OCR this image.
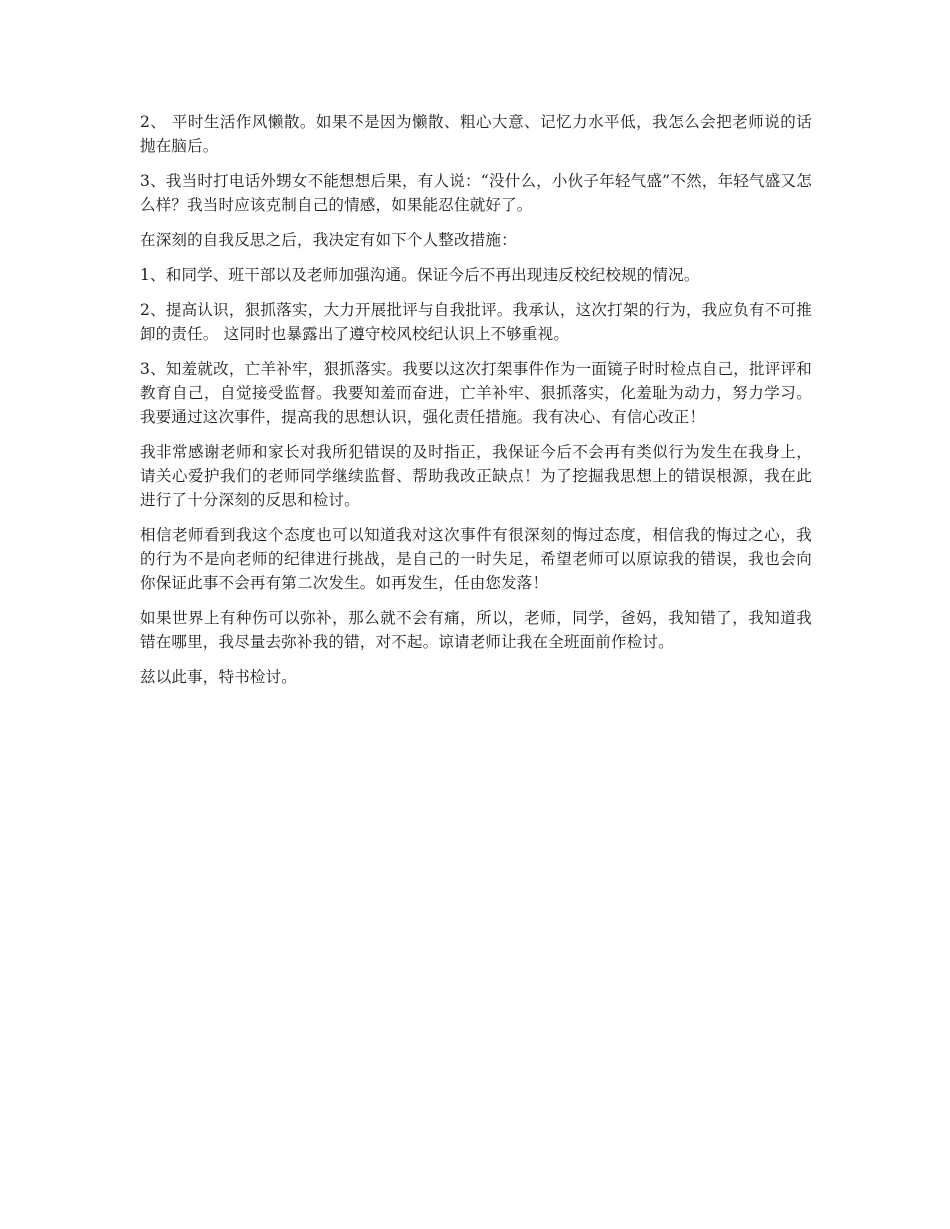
2、 平时生活作风懒散。如果不是因为懒散、粗心大意、记忆力水平低，我怎么会把老师说的话抛在脑后。

3、我当时打电话外甥女不能想想后果，有人说：“没什么，小伙子年轻气盛”不然，年轻气盛又怎么样？我当时应该克制自己的情感，如果能忍住就好了。

在深刻的自我反思之后，我决定有如下个人整改措施：

1、和同学、班干部以及老师加强沟通。保证今后不再出现违反校纪校规的情况。

2、提高认识，狠抓落实，大力开展批评与自我批评。我承认，这次打架的行为，我应负有不可推卸的责任。 这同时也暴露出了遵守校风校纪认识上不够重视。

3、知羞就改，亡羊补牢，狠抓落实。我要以这次打架事件作为一面镜子时时检点自己，批评评和教育自己，自觉接受监督。我要知羞而奋进，亡羊补牢、狠抓落实，化羞耻为动力，努力学习。我要通过这次事件，提高我的思想认识，强化责任措施。我有决心、有信心改正！

我非常感谢老师和家长对我所犯错误的及时指正，我保证今后不会再有类似行为发生在我身上，请关心爱护我们的老师同学继续监督、帮助我改正缺点！为了挖掘我思想上的错误根源，我在此进行了十分深刻的反思和检讨。

相信老师看到我这个态度也可以知道我对这次事件有很深刻的悔过态度，相信我的悔过之心，我的行为不是向老师的纪律进行挑战，是自己的一时失足，希望老师可以原谅我的错误，我也会向你保证此事不会再有第二次发生。如再发生，任由您发落！

如果世界上有种伤可以弥补，那么就不会有痛，所以，老师，同学，爸妈，我知错了，我知道我错在哪里，我尽量去弥补我的错，对不起。谅请老师让我在全班面前作检讨。

兹以此事，特书检讨。
